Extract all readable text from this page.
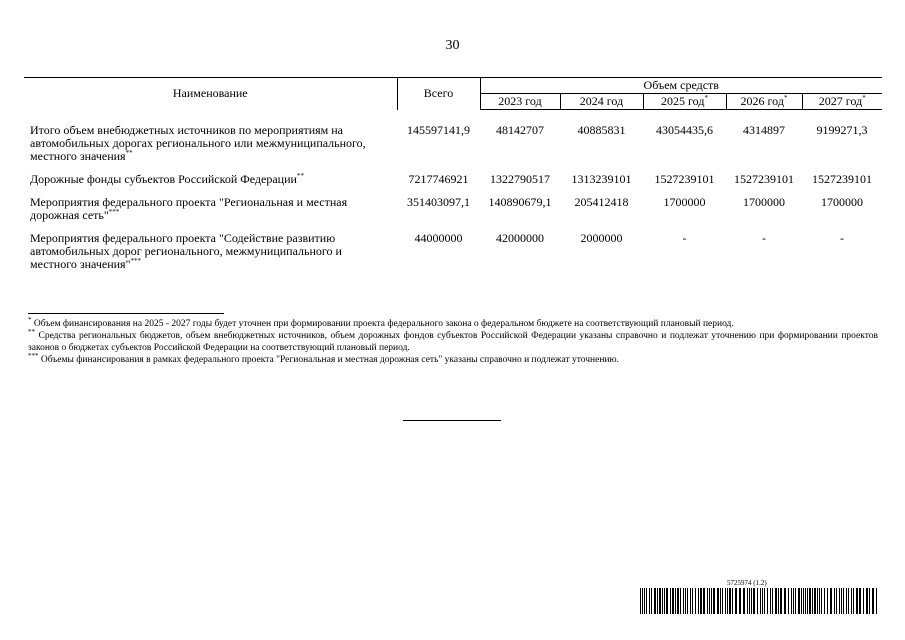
30
Наименование	Всего	Объем средств				
		2023 год	2024 год	2025 год*	2026 год*	2027 год*

Итого объем внебюджетных источников по мероприятиям на автомобильных дорогах регионального или межмуниципального, местного значения**	145597141,9	48142707	40885831	43054435,6	4314897	9199271,3
Дорожные фонды субъектов Российской Федерации**	7217746921	1322790517	1313239101	1527239101	1527239101	1527239101
Мероприятия федерального проекта "Региональная и местная дорожная сеть"***	351403097,1	140890679,1	205412418	1700000	1700000	1700000
Мероприятия федерального проекта "Содействие развитию автомобильных дорог регионального, межмуниципального и местного значения"***	44000000	42000000	2000000	-	-	-

* Объем финансирования на 2025 - 2027 годы будет уточнен при формировании проекта федерального закона о федеральном бюджете на соответствующий плановый период.

** Средства региональных бюджетов, объем внебюджетных источников, объем дорожных фондов субъектов Российской Федерации указаны справочно и подлежат уточнению при формировании проектов законов о бюджетах субъектов Российской Федерации на соответствующий плановый период.

*** Объемы финансирования в рамках федерального проекта "Региональная и местная дорожная сеть" указаны справочно и подлежат уточнению.

5725974 (1.2)
